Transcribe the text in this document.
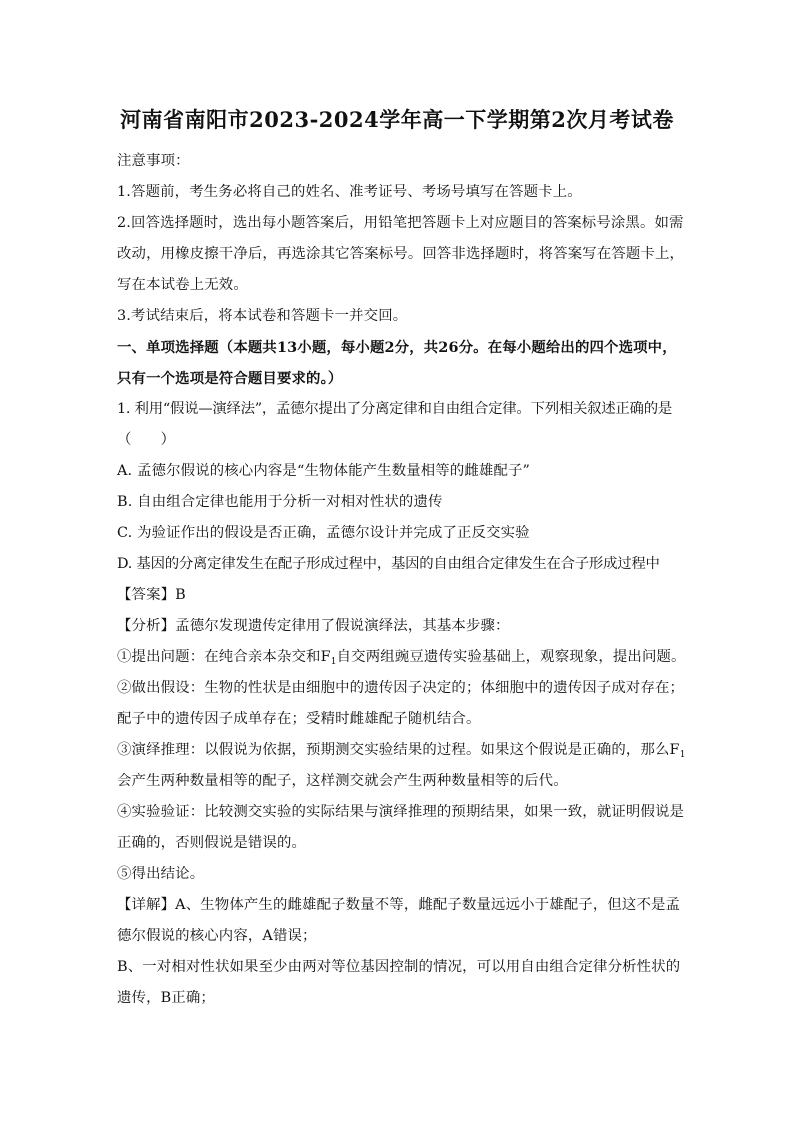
河南省南阳市2023-2024学年高一下学期第2次月考试卷
注意事项：
1.答题前，考生务必将自己的姓名、准考证号、考场号填写在答题卡上。
2.回答选择题时，选出每小题答案后，用铅笔把答题卡上对应题目的答案标号涂黑。如需
改动，用橡皮擦干净后，再选涂其它答案标号。回答非选择题时，将答案写在答题卡上，
写在本试卷上无效。
3.考试结束后，将本试卷和答题卡一并交回。
一、单项选择题（本题共13小题，每小题2分，共26分。在每小题给出的四个选项中，
只有一个选项是符合题目要求的。）
1. 利用“假说—演绎法”，孟德尔提出了分离定律和自由组合定律。下列相关叙述正确的是
（　　）
A. 孟德尔假说的核心内容是“生物体能产生数量相等的雌雄配子”
B. 自由组合定律也能用于分析一对相对性状的遗传
C. 为验证作出的假设是否正确，孟德尔设计并完成了正反交实验
D. 基因的分离定律发生在配子形成过程中，基因的自由组合定律发生在合子形成过程中
【答案】B
【分析】孟德尔发现遗传定律用了假说演绎法，其基本步骤：
①提出问题：在纯合亲本杂交和$F_1$自交两组豌豆遗传实验基础上，观察现象，提出问题。
②做出假设：生物的性状是由细胞中的遗传因子决定的；体细胞中的遗传因子成对存在；
配子中的遗传因子成单存在；受精时雌雄配子随机结合。
③演绎推理：以假说为依据，预期测交实验结果的过程。如果这个假说是正确的，那么$F_1$
会产生两种数量相等的配子，这样测交就会产生两种数量相等的后代。
④实验验证：比较测交实验的实际结果与演绎推理的预期结果，如果一致，就证明假说是
正确的，否则假说是错误的。
⑤得出结论。
【详解】A、生物体产生的雌雄配子数量不等，雌配子数量远远小于雄配子，但这不是孟
德尔假说的核心内容，A错误；
B、一对相对性状如果至少由两对等位基因控制的情况，可以用自由组合定律分析性状的
遗传，B正确；
